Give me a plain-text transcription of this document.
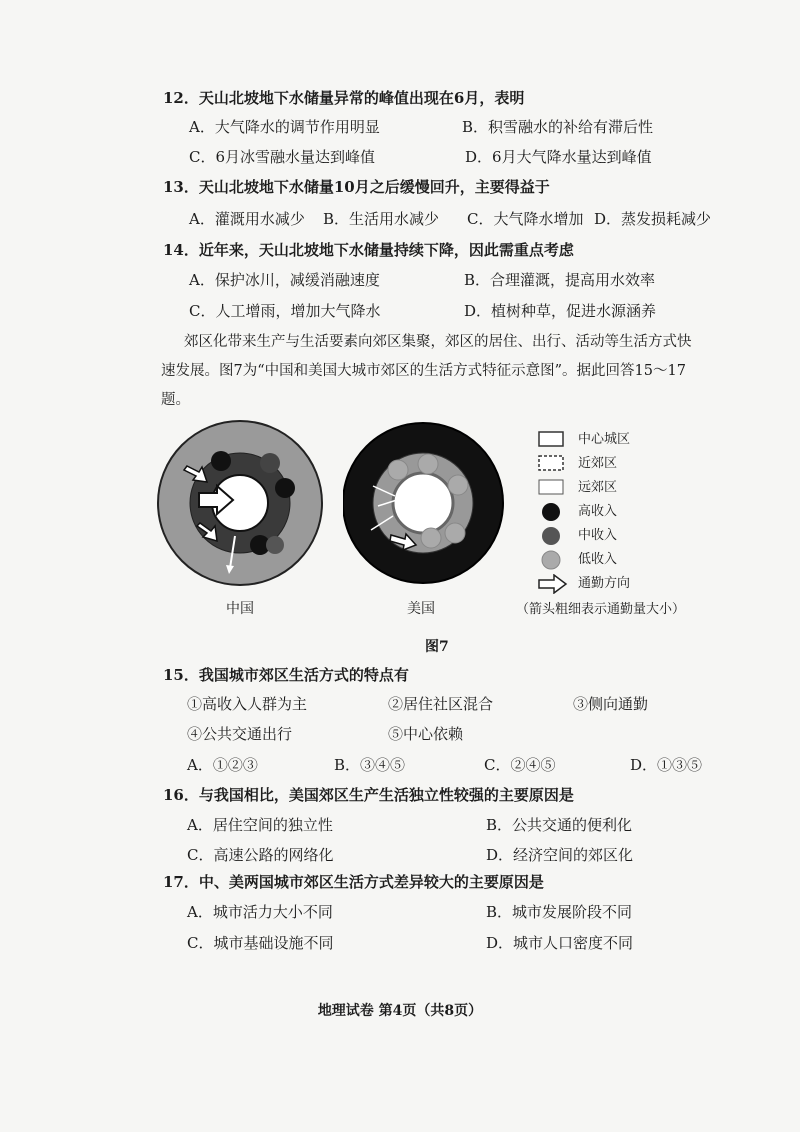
12．天山北坡地下水储量异常的峰值出现在6月，表明
A．大气降水的调节作用明显	B．积雪融水的补给有滞后性
C．6月冰雪融水量达到峰值	D．6月大气降水量达到峰值
13．天山北坡地下水储量10月之后缓慢回升，主要得益于
A．灌溉用水减少 B．生活用水减少 C．大气降水增加 D．蒸发损耗减少
14．近年来，天山北坡地下水储量持续下降，因此需重点考虑
A．保护冰川，减缓消融速度	B．合理灌溉，提高用水效率
C．人工增雨，增加大气降水	D．植树种草，促进水源涵养
郊区化带来生产与生活要素向郊区集聚，郊区的居住、出行、活动等生活方式快
速发展。图7为“中国和美国大城市郊区的生活方式特征示意图”。据此回答15～17
题。
中国	美国
中心城区
近郊区
远郊区
高收入
中收入
低收入
通勤方向
（箭头粗细表示通勤量大小）
图7
15．我国城市郊区生活方式的特点有
①高收入人群为主	②居住社区混合	③侧向通勤
④公共交通出行	⑤中心依赖
A．①②③	B．③④⑤	C．②④⑤	D．①③⑤
16．与我国相比，美国郊区生产生活独立性较强的主要原因是
A．居住空间的独立性	B．公共交通的便利化
C．高速公路的网络化	D．经济空间的郊区化
17．中、美两国城市郊区生活方式差异较大的主要原因是
A．城市活力大小不同	B．城市发展阶段不同
C．城市基础设施不同	D．城市人口密度不同
地理试卷 第4页（共8页）
